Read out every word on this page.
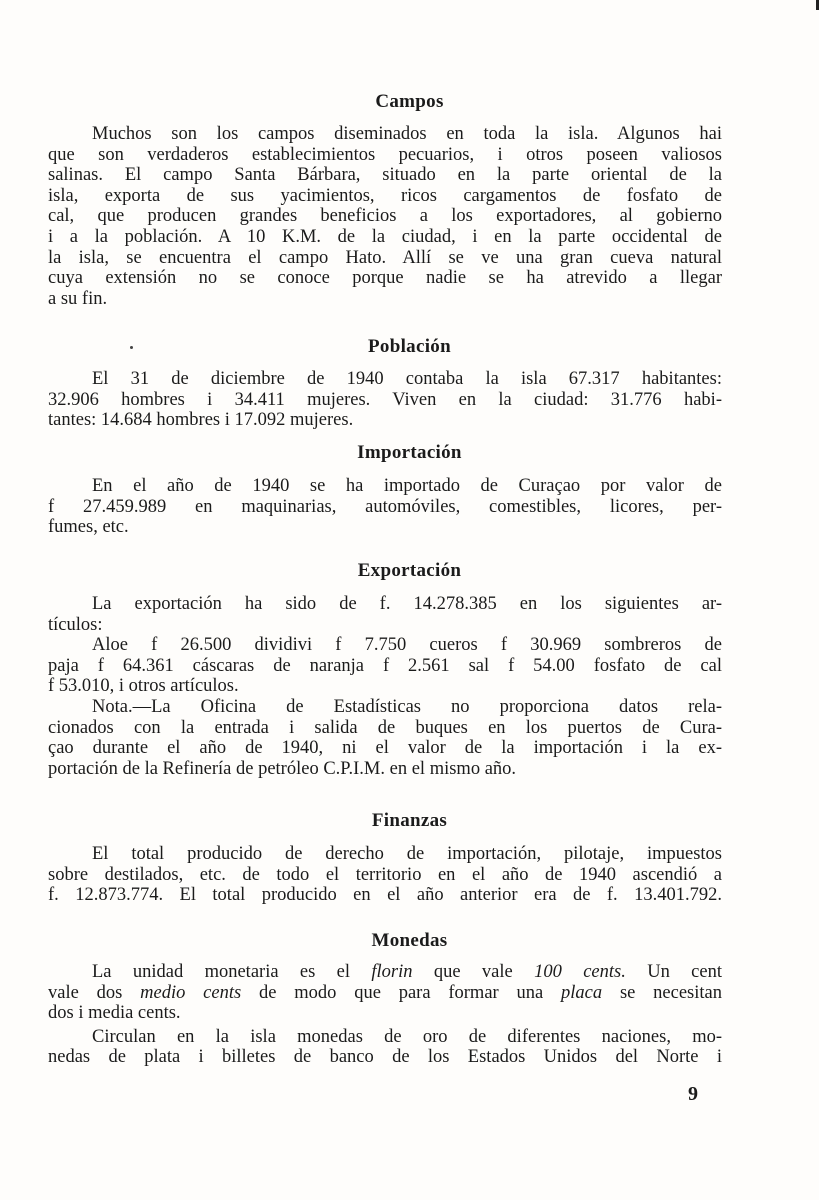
Campos
Muchos son los campos diseminados en toda la isla. Algunos hai
que son verdaderos establecimientos pecuarios, i otros poseen valiosos
salinas. El campo Santa Bárbara, situado en la parte oriental de la
isla, exporta de sus yacimientos, ricos cargamentos de fosfato de
cal, que producen grandes beneficios a los exportadores, al gobierno
i a la población. A 10 K.M. de la ciudad, i en la parte occidental de
la isla, se encuentra el campo Hato. Allí se ve una gran cueva natural
cuya extensión no se conoce porque nadie se ha atrevido a llegar
a su fin.
Población
El 31 de diciembre de 1940 contaba la isla 67.317 habitantes:
32.906 hombres i 34.411 mujeres. Viven en la ciudad: 31.776 habi-
tantes: 14.684 hombres i 17.092 mujeres.
Importación
En el año de 1940 se ha importado de Curaçao por valor de
f 27.459.989 en maquinarias, automóviles, comestibles, licores, per-
fumes, etc.
Exportación
La exportación ha sido de f. 14.278.385 en los siguientes ar-
tículos:
Aloe f 26.500 dividivi f 7.750 cueros f 30.969 sombreros de
paja f 64.361 cáscaras de naranja f 2.561 sal f 54.00 fosfato de cal
f 53.010, i otros artículos.
Nota.—La Oficina de Estadísticas no proporciona datos rela-
cionados con la entrada i salida de buques en los puertos de Cura-
çao durante el año de 1940, ni el valor de la importación i la ex-
portación de la Refinería de petróleo C.P.I.M. en el mismo año.
Finanzas
El total producido de derecho de importación, pilotaje, impuestos
sobre destilados, etc. de todo el territorio en el año de 1940 ascendió a
f. 12.873.774. El total producido en el año anterior era de f. 13.401.792.
Monedas
La unidad monetaria es el florin que vale 100 cents. Un cent
vale dos medio cents de modo que para formar una placa se necesitan
dos i media cents.
Circulan en la isla monedas de oro de diferentes naciones, mo-
nedas de plata i billetes de banco de los Estados Unidos del Norte i
9
